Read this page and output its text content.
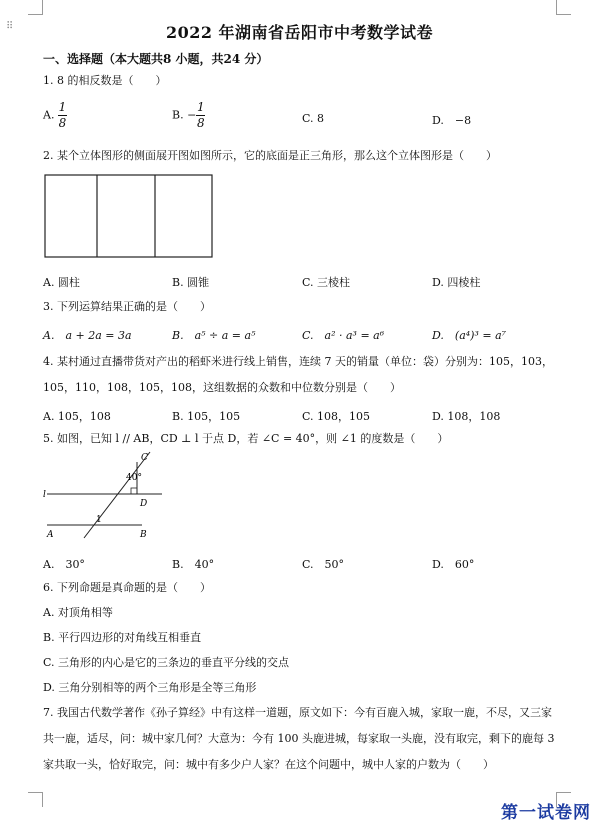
⠿	2022 年湖南省岳阳市中考数学试卷
一、选择题（本大题共8 小题，共24 分）
1. 8 的相反数是（　　）
A. $\frac{1}{8}$	B. − $\frac{1}{8}$	C. 8	D.　−8
2. 某个立体图形的侧面展开图如图所示，它的底面是正三角形，那么这个立体图形是（　　）
A. 圆柱	B. 圆锥	C. 三棱柱	D. 四棱柱
3. 下列运算结果正确的是（　　）
A.　a + 2a = 3a	B.　a⁵ ÷ a = a⁵	C.　a² · a³ = a⁶	D.　(a⁴)³ = a⁷
4. 某村通过直播带货对产出的稻虾米进行线上销售，连续 7 天的销量（单位：袋）分别为：105，103，105，110，108，105，108，这组数据的众数和中位数分别是（　　）
A. 105，108	B. 105，105	C. 108，105	D. 108，108
5. 如图，已知 l // AB，CD ⊥ l 于点 D，若 ∠C = 40°，则 ∠1 的度数是（　　）
C
40°
D
l
1
A	B
A.　30°	B.　40°	C.　50°	D.　60°
6. 下列命题是真命题的是（　　）
A. 对顶角相等
B. 平行四边形的对角线互相垂直
C. 三角形的内心是它的三条边的垂直平分线的交点
D. 三角分别相等的两个三角形是全等三角形
7. 我国古代数学著作《孙子算经》中有这样一道题，原文如下：今有百鹿入城，家取一鹿，不尽，又三家共一鹿，适尽，问：城中家几何？大意为：今有 100 头鹿进城，每家取一头鹿，没有取完，剩下的鹿每 3 家共取一头，恰好取完，问：城中有多少户人家？在这个问题中，城中人家的户数为（　　）
第一试卷网
